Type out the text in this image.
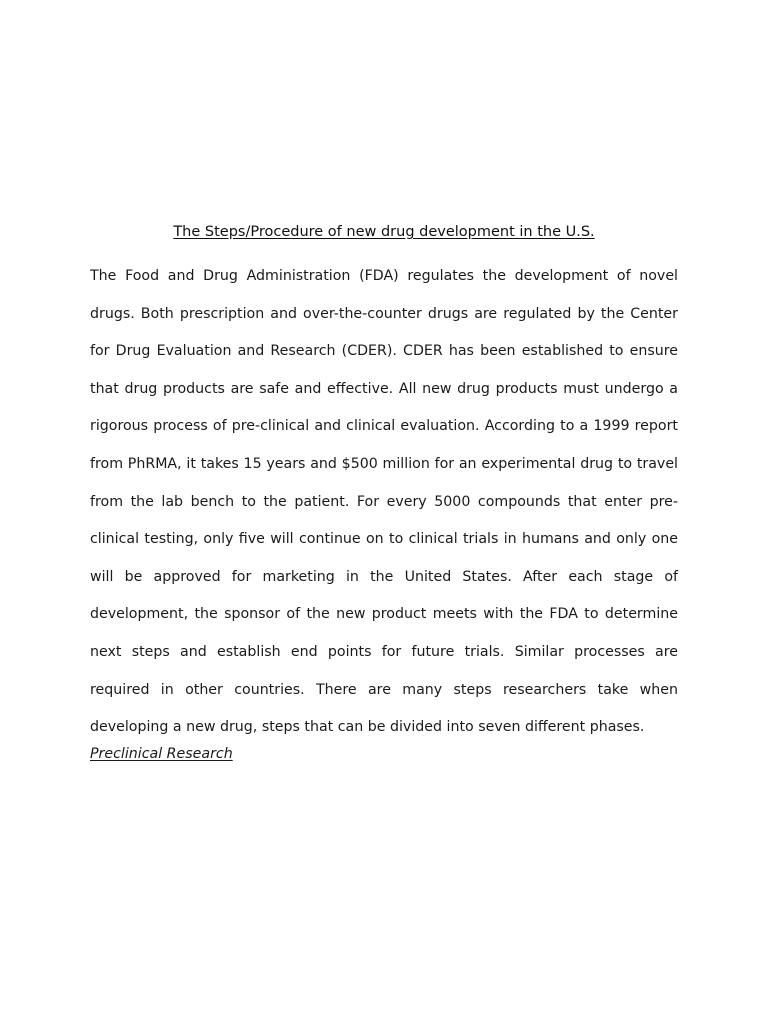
The Steps/Procedure of new drug development in the U.S.

The Food and Drug Administration (FDA) regulates the development of novel drugs. Both prescription and over-the-counter drugs are regulated by the Center for Drug Evaluation and Research (CDER). CDER has been established to ensure that drug products are safe and effective. All new drug products must undergo a rigorous process of pre-clinical and clinical evaluation. According to a 1999 report from PhRMA, it takes 15 years and $500 million for an experimental drug to travel from the lab bench to the patient. For every 5000 compounds that enter pre-clinical testing, only five will continue on to clinical trials in humans and only one will be approved for marketing in the United States. After each stage of development, the sponsor of the new product meets with the FDA to determine next steps and establish end points for future trials. Similar processes are required in other countries. There are many steps researchers take when developing a new drug, steps that can be divided into seven different phases.

Preclinical Research
